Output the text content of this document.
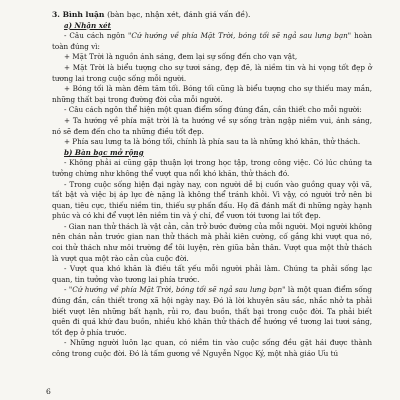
3. Bình luận (bàn bạc, nhận xét, đánh giá vấn đề).

a) Nhận xét

- Câu cách ngôn "Cứ hướng về phía Mặt Trời, bóng tối sẽ ngả sau lưng bạn" hoàn toàn đúng vì:

+ Mặt Trời là nguồn ánh sáng, đem lại sự sống đến cho vạn vật,

+ Mặt Trời là biểu tượng cho sự tươi sáng, đẹp đẽ, là niềm tin và hi vọng tốt đẹp ở tương lai trong cuộc sống mỗi người.

+ Bóng tối là màn đêm tăm tối. Bóng tối cũng là biểu tượng cho sự thiếu may mắn, những thất bại trong đường đời của mỗi người.

- Câu cách ngôn thể hiện một quan điểm sống đúng đắn, cần thiết cho mỗi người:

+ Ta hướng về phía mặt trời là ta hướng về sự sống tràn ngập niềm vui, ánh sáng, nó sẽ đem đến cho ta những điều tốt đẹp.

+ Phía sau lưng ta là bóng tối, chính là phía sau ta là những khó khăn, thử thách.

b) Bàn bạc mở rộng

- Không phải ai cũng gặp thuận lợi trong học tập, trong công việc. Có lúc chúng ta tưởng chừng như không thể vượt qua nổi khó khăn, thử thách đó.

- Trong cuộc sống hiện đại ngày nay, con người dễ bị cuốn vào guồng quay vội vã, tất bật và việc bị áp lực đè nặng là không thể tránh khỏi. Vì vậy, có người trở nên bi quan, tiêu cực, thiếu niềm tin, thiếu sự phấn đấu. Họ đã đánh mất đi những ngày hạnh phúc và có khi để vượt lên niềm tin và ý chí, để vươn tới tương lai tốt đẹp.

- Gian nan thử thách là vật cản, cản trở bước đường của mỗi người. Mọi người không nên chán nản trước gian nan thử thách mà phải kiên cường, cố gắng khi vượt qua nó, coi thử thách như môi trường để tôi luyện, rèn giũa bản thân. Vượt qua một thử thách là vượt qua một rào cản của cuộc đời.

- Vượt qua khó khăn là điều tất yếu mỗi người phải làm. Chúng ta phải sống lạc quan, tin tưởng vào tương lai phía trước.

- "Cứ hướng về phía Mặt Trời, bóng tối sẽ ngả sau lưng bạn" là một quan điểm sống đúng đắn, cần thiết trong xã hội ngày nay. Đó là lời khuyên sâu sắc, nhắc nhở ta phải biết vượt lên những bất hạnh, rủi ro, đau buồn, thất bại trong cuộc đời. Ta phải biết quên đi quá khứ đau buồn, nhiều khó khăn thử thách để hướng về tương lai tươi sáng, tốt đẹp ở phía trước.

- Những người luôn lạc quan, có niềm tin vào cuộc sống đều gặt hái được thành công trong cuộc đời. Đó là tấm gương về Nguyễn Ngọc Ký, một nhà giáo Ưu tú

6
